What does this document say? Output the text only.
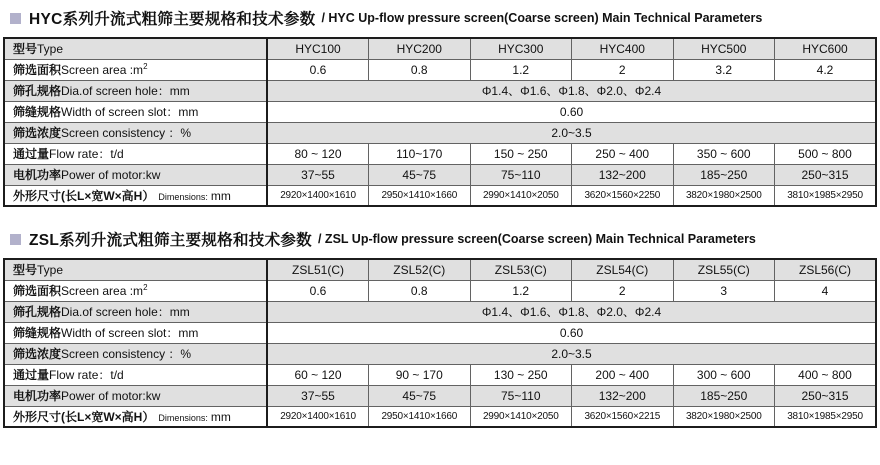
HYC系列升流式粗筛主要规格和技术参数 / HYC Up-flow pressure screen(Coarse screen) Main Technical Parameters
型号Type	HYC100	HYC200	HYC300	HYC400	HYC500	HYC600
筛选面积Screen area $:m^2$	0.6	0.8	1.2	2	3.2	4.2
筛孔规格Dia.of screen hole：mm	Φ1.4、Φ1.6、Φ1.8、Φ2.0、Φ2.4					
筛缝规格Width of screen slot：mm	0.60					
筛选浓度Screen consistency ：%	2.0~3.5					
通过量Flow rate：t/d	80 ~ 120	110~170	150 ~ 250	250 ~ 400	350 ~ 600	500 ~ 800
电机功率Power of motor:kw	37~55	45~75	75~110	132~200	185~250	250~315
外形尺寸(长L×宽W×高H） Dimensions: mm	2920×1400×1610	2950×1410×1660	2990×1410×2050	3620×1560×2250	3820×1980×2500	3810×1985×2950
ZSL系列升流式粗筛主要规格和技术参数 / ZSL Up-flow pressure screen(Coarse screen) Main Technical Parameters
型号Type	ZSL51(C)	ZSL52(C)	ZSL53(C)	ZSL54(C)	ZSL55(C)	ZSL56(C)
筛选面积Screen area $:m^2$	0.6	0.8	1.2	2	3	4
筛孔规格Dia.of screen hole：mm	Φ1.4、Φ1.6、Φ1.8、Φ2.0、Φ2.4					
筛缝规格Width of screen slot：mm	0.60					
筛选浓度Screen consistency ：%	2.0~3.5					
通过量Flow rate：t/d	60 ~ 120	90 ~ 170	130 ~ 250	200 ~ 400	300 ~ 600	400 ~ 800
电机功率Power of motor:kw	37~55	45~75	75~110	132~200	185~250	250~315
外形尺寸(长L×宽W×高H） Dimensions: mm	2920×1400×1610	2950×1410×1660	2990×1410×2050	3620×1560×2215	3820×1980×2500	3810×1985×2950
